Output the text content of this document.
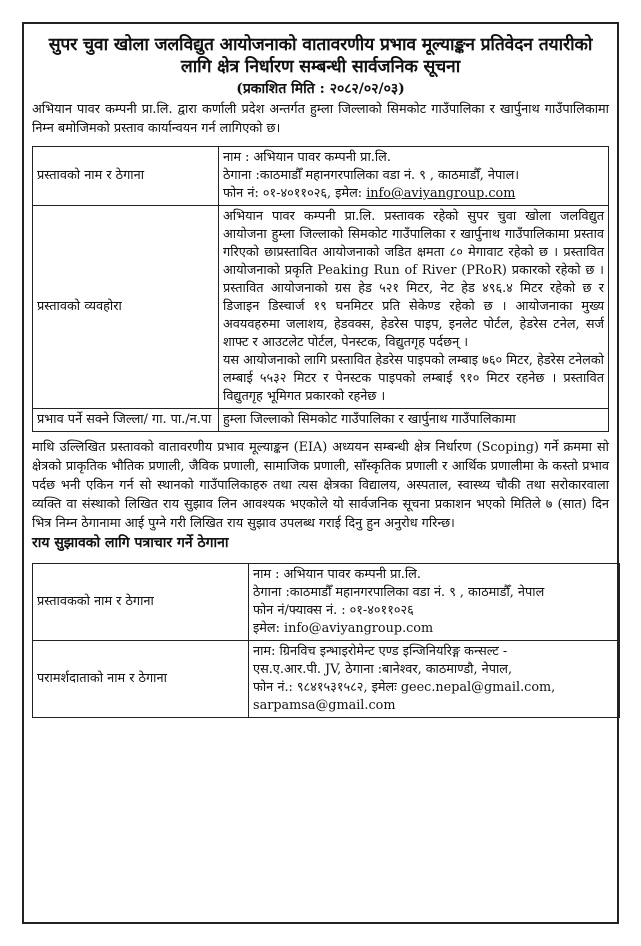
सुपर चुवा खोला जलविद्युत आयोजनाको वातावरणीय प्रभाव मूल्याङ्कन प्रतिवेदन तयारीको लागि क्षेत्र निर्धारण सम्बन्धी सार्वजनिक सूचना

(प्रकाशित मिति : २०८२/०२/०३)

अभियान पावर कम्पनी प्रा.लि. द्वारा कर्णाली प्रदेश अन्तर्गत हुम्ला जिल्लाको सिमकोट गाउँपालिका र खार्पुनाथ गाउँपालिकामा निम्न बमोजिमको प्रस्ताव कार्यान्वयन गर्न लागिएको छ।

प्रस्तावको नाम र ठेगाना	नाम : अभियान पावर कम्पनी प्रा.लि.
ठेगाना :काठमाडौँ महानगरपालिका वडा नं. ९ , काठमाडौँ, नेपाल।
फोन नं: ०१-४०११०२६, इमेल: info@aviyangroup.com

प्रस्तावको व्यवहोरा	अभियान पावर कम्पनी प्रा.लि. प्रस्तावक रहेको सुपर चुवा खोला जलविद्युत आयोजना हुम्ला जिल्लाको सिमकोट गाउँपालिका र खार्पुनाथ गाउँपालिकामा प्रस्ताव गरिएको छाप्रस्तावित आयोजनाको जडित क्षमता ८० मेगावाट रहेको छ । प्रस्तावित आयोजनाको प्रकृति Peaking Run of River (PRoR) प्रकारको रहेको छ । प्रस्तावित आयोजनाको ग्रस हेड ५२१ मिटर, नेट हेड ४९६.४ मिटर रहेको छ र डिजाइन डिस्चार्ज १९ घनमिटर प्रति सेकेण्ड रहेको छ । आयोजनाका मुख्य अवयवहरुमा जलाशय, हेडवक्स, हेडरेस पाइप, इनलेट पोर्टल, हेडरेस टनेल, सर्ज शाफ्ट र आउटलेट पोर्टल, पेनस्टक, विद्युतगृह पर्दछन् ।
यस आयोजनाको लागि प्रस्तावित हेडरेस पाइपको लम्बाइ ७६० मिटर, हेडरेस टनेलको लम्बाई ५५३२ मिटर र पेनस्टक पाइपको लम्बाई ९१० मिटर रहनेछ । प्रस्तावित विद्युतगृह भूमिगत प्रकारको रहनेछ ।

प्रभाव पर्ने सक्ने जिल्ला/ गा. पा./न.पा	हुम्ला जिल्लाको सिमकोट गाउँपालिका र खार्पुनाथ गाउँपालिकामा

माथि उल्लिखित प्रस्तावको वातावरणीय प्रभाव मूल्याङ्कन (EIA) अध्ययन सम्बन्धी क्षेत्र निर्धारण (Scoping) गर्ने क्रममा सो क्षेत्रको प्राकृतिक भौतिक प्रणाली, जैविक प्रणाली, सामाजिक प्रणाली, साँस्कृतिक प्रणाली र आर्थिक प्रणालीमा के कस्तो प्रभाव पर्दछ भनी एकिन गर्न सो स्थानको गाउँपालिकाहरु तथा त्यस क्षेत्रका विद्यालय, अस्पताल, स्वास्थ्य चौकी तथा सरोकारवाला व्यक्ति वा संस्थाको लिखित राय सुझाव लिन आवश्यक भएकोले यो सार्वजनिक सूचना प्रकाशन भएको मितिले ७ (सात) दिन भित्र निम्न ठेगानामा आई पुग्ने गरी लिखित राय सुझाव उपलब्ध गराई दिनु हुन अनुरोध गरिन्छ।

राय सुझावको लागि पत्राचार गर्ने ठेगाना

प्रस्तावकको नाम र ठेगाना	नाम : अभियान पावर कम्पनी प्रा.लि.
ठेगाना :काठमाडौँ महानगरपालिका वडा नं. ९ , काठमाडौँ, नेपाल
फोन नं/फ्याक्स नं. : ०१-४०११०२६
इमेल: info@aviyangroup.com

परामर्शदाताको नाम र ठेगाना	नाम: ग्रिनविच इन्भाइरोमेन्ट एण्ड इन्जिनियरिङ्ग कन्सल्ट -
एस.ए.आर.पी. JV, ठेगाना :बानेश्वर, काठमाण्डौ, नेपाल,
फोन नं.: ९८४१५३१५८२, इमेलः geec.nepal@gmail.com,
sarpamsa@gmail.com
